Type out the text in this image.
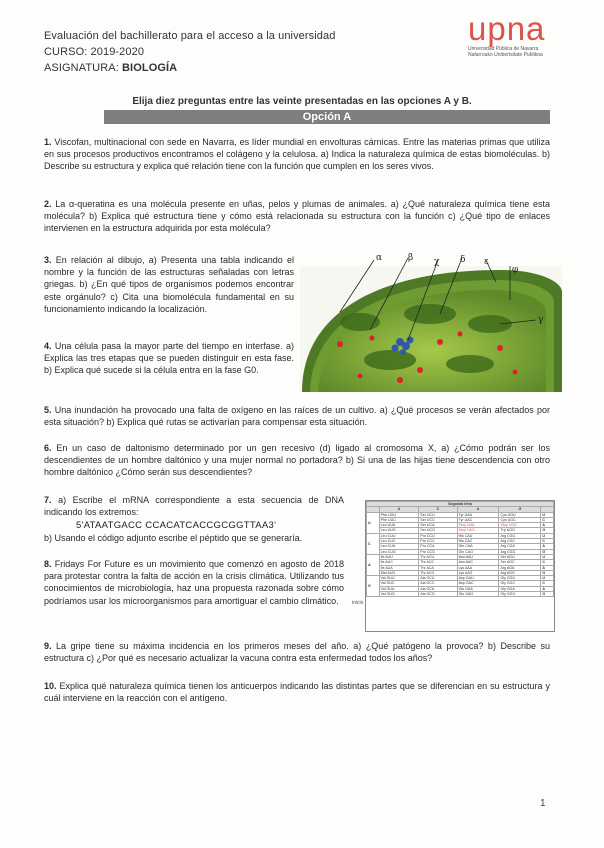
Evaluación del bachillerato para el acceso a la universidad
CURSO: 2019-2020
ASIGNATURA: BIOLOGÍA
upna
Universidad Pública de Navarra
Nafarroako Unibertsitate Publikoa
Elija diez preguntas entre las veinte presentadas en las opciones A y B.
Opción A
1. Viscofan, multinacional con sede en Navarra, es líder mundial en envolturas cárnicas. Entre las materias primas que utiliza en sus procesos productivos encontramos el colágeno y la celulosa. a) Indica la naturaleza química de estas biomoléculas. b) Describe su estructura y explica qué relación tiene con la función que cumplen en los seres vivos.
2. La α-queratina es una molécula presente en uñas, pelos y plumas de animales. a) ¿Qué naturaleza química tiene esta molécula? b) Explica qué estructura tiene y cómo está relacionada su estructura con la función c) ¿Qué tipo de enlaces intervienen en la estructura adquirida por esta molécula?
3. En relación al dibujo, a) Presenta una tabla indicando el nombre y la función de las estructuras señaladas con letras griegas. b) ¿En qué tipos de organismos podemos encontrar este orgánulo? c) Cita una biomolécula fundamental en su funcionamiento indicando la localización.
4. Una célula pasa la mayor parte del tiempo en interfase. a) Explica las tres etapas que se pueden distinguir en esta fase. b) Explica qué sucede si la célula entra en la fase G0.
α	β χ δ ε
φ
γ
5. Una inundación ha provocado una falta de oxígeno en las raíces de un cultivo. a) ¿Qué procesos se verán afectados por esta situación? b) Explica qué rutas se activarían para compensar esta situación.
6. En un caso de daltonismo determinado por un gen recesivo (d) ligado al cromosoma X, a) ¿Cómo podrán ser los descendientes de un hombre daltónico y una mujer normal no portadora? b) Si una de las hijas tiene descendencia con otro hombre daltónico ¿Cómo serán sus descendientes?
7. a) Escribe el mRNA correspondiente a esta secuencia de DNA indicando los extremos:
5'ATAATGACC CCACATCACCGCGGTTAA3'
b) Usando el código adjunto escribe el péptido que se generaría.
8. Fridays For Future es un movimiento que comenzó en agosto de 2018 para protestar contra la falta de acción en la crisis climática. Utilizando tus conocimientos de microbiología, haz una propuesta razonada sobre cómo podríamos usar los microorganismos para amortiguar el cambio climático.	inicio
Segunda letra					
	U	C	A	G	
U	Phe UUU	Ser UCU	Tyr UAU	Cys UGU	U
	Phe UUC	Ser UCC	Tyr UAC	Cys UGC	C
	Leu UUA	Ser UCA	Stop UAA	Stop UGA	A
	Leu UUG	Ser UCG	Stop UAG	Trp UGG	G
C	Leu CUU	Pro CCU	His CAU	Arg CGU	U
	Leu CUC	Pro CCC	His CAC	Arg CGC	C
	Leu CUA	Pro CCA	Gln CAA	Arg CGA	A
	Leu CUG	Pro CCG	Gln CAG	Arg CGG	G
A	Ile AUU	Thr ACU	Asn AAU	Ser AGU	U
	Ile AUC	Thr ACC	Asn AAC	Ser AGC	C
	Ile AUA	Thr ACA	Lys AAA	Arg AGA	A
	Met AUG	Thr ACG	Lys AAG	Arg AGG	G
G	Val GUU	Ala GCU	Asp GAU	Gly GGU	U
	Val GUC	Ala GCC	Asp GAC	Gly GGC	C
	Val GUA	Ala GCA	Glu GAA	Gly GGA	A
	Val GUG	Ala GCG	Glu GAG	Gly GGG	G
9. La gripe tiene su máxima incidencia en los primeros meses del año. a) ¿Qué patógeno la provoca? b) Describe su estructura c) ¿Por qué es necesario actualizar la vacuna contra esta enfermedad todos los años?
10. Explica qué naturaleza química tienen los anticuerpos indicando las distintas partes que se diferencian en su estructura y cuál interviene en la reacción con el antígeno.
1
